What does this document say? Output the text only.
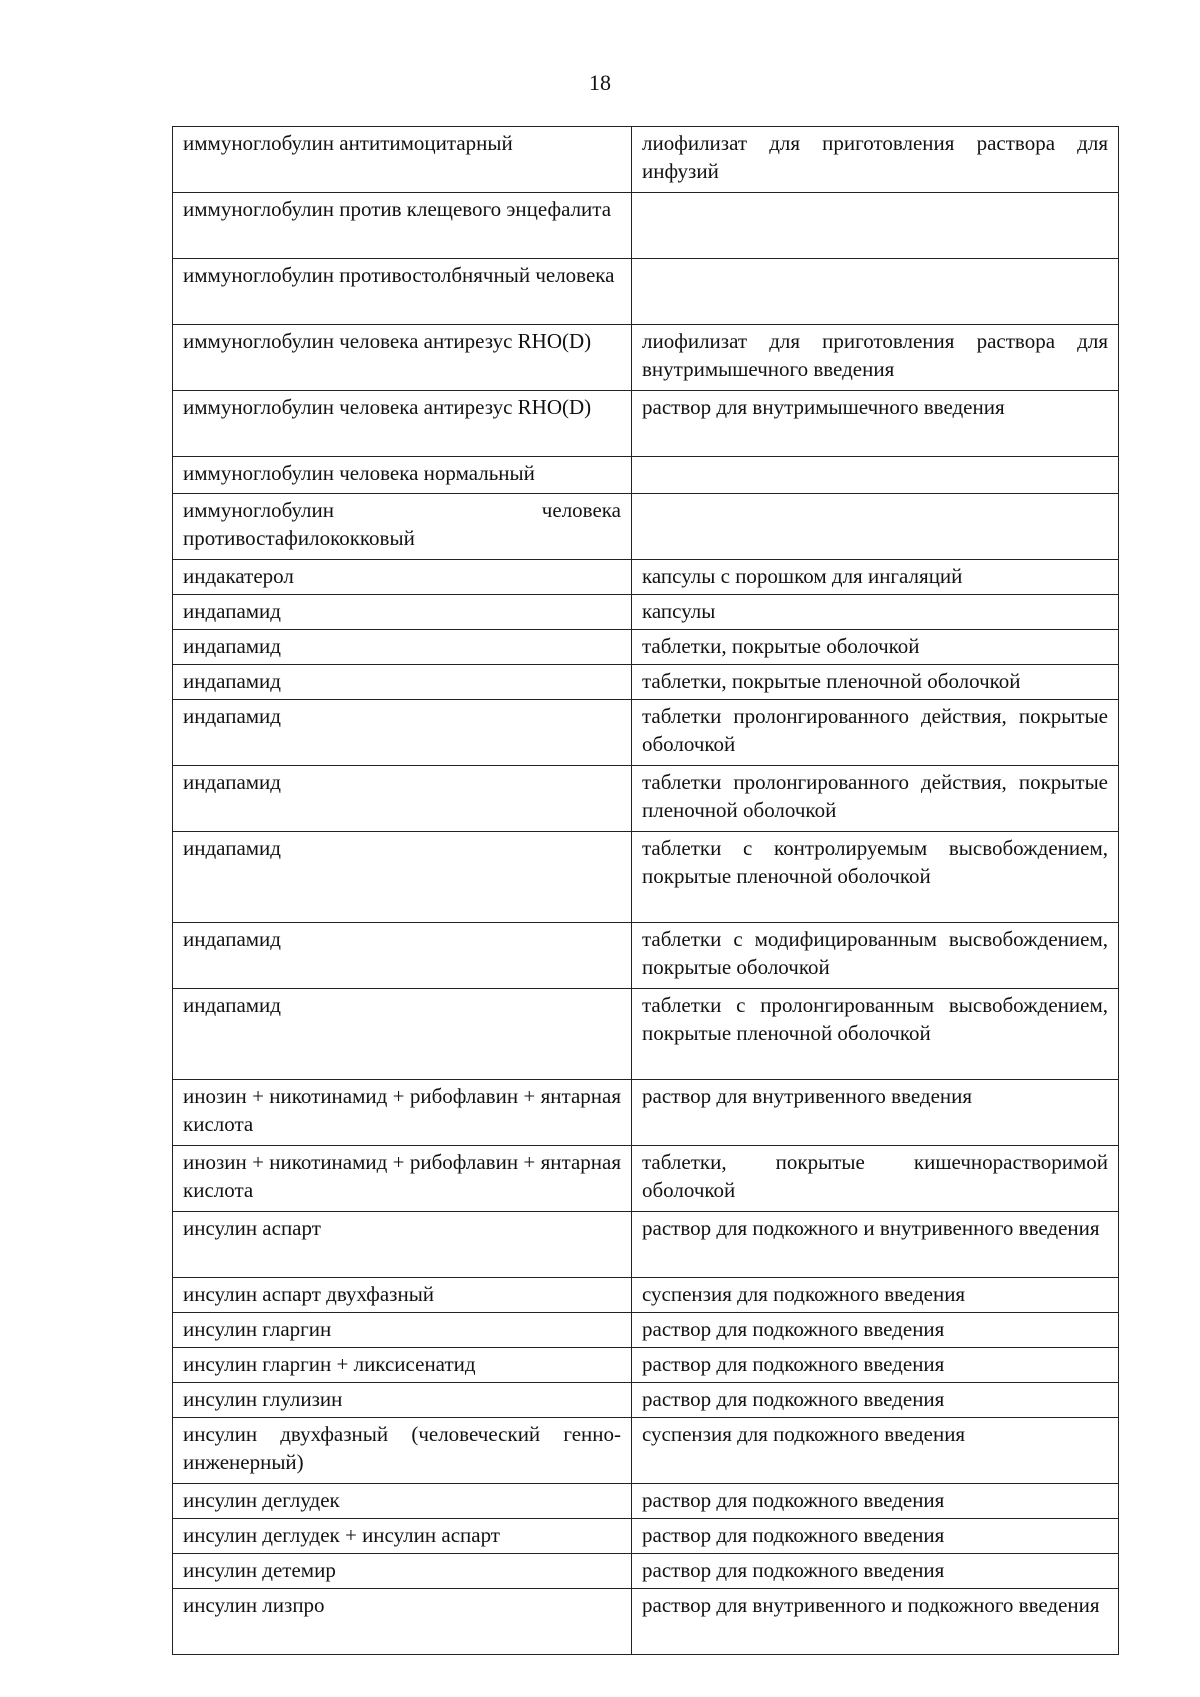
18
иммуноглобулин антитимоцитарный	лиофилизат для приготовления раствора для инфузий
иммуноглобулин против клещевого энцефалита	
иммуноглобулин противостолбнячный человека	
иммуноглобулин человека антирезус RHO(D)	лиофилизат для приготовления раствора для внутримышечного введения
иммуноглобулин человека антирезус RHO(D)	раствор для внутримышечного введения
иммуноглобулин человека нормальный	
иммуноглобулин человека противостафилококковый	
индакатерол	капсулы с порошком для ингаляций
индапамид	капсулы
индапамид	таблетки, покрытые оболочкой
индапамид	таблетки, покрытые пленочной оболочкой
индапамид	таблетки пролонгированного действия, покрытые оболочкой
индапамид	таблетки пролонгированного действия, покрытые пленочной оболочкой
индапамид	таблетки с контролируемым высвобождением, покрытые пленочной оболочкой
индапамид	таблетки с модифицированным высвобождением, покрытые оболочкой
индапамид	таблетки с пролонгированным высвобождением, покрытые пленочной оболочкой
инозин + никотинамид + рибофлавин + янтарная кислота	раствор для внутривенного введения
инозин + никотинамид + рибофлавин + янтарная кислота	таблетки, покрытые кишечнорастворимой оболочкой
инсулин аспарт	раствор для подкожного и внутривенного введения
инсулин аспарт двухфазный	суспензия для подкожного введения
инсулин гларгин	раствор для подкожного введения
инсулин гларгин + ликсисенатид	раствор для подкожного введения
инсулин глулизин	раствор для подкожного введения
инсулин двухфазный (человеческий генно-инженерный)	суспензия для подкожного введения
инсулин деглудек	раствор для подкожного введения
инсулин деглудек + инсулин аспарт	раствор для подкожного введения
инсулин детемир	раствор для подкожного введения
инсулин лизпро	раствор для внутривенного и подкожного введения
